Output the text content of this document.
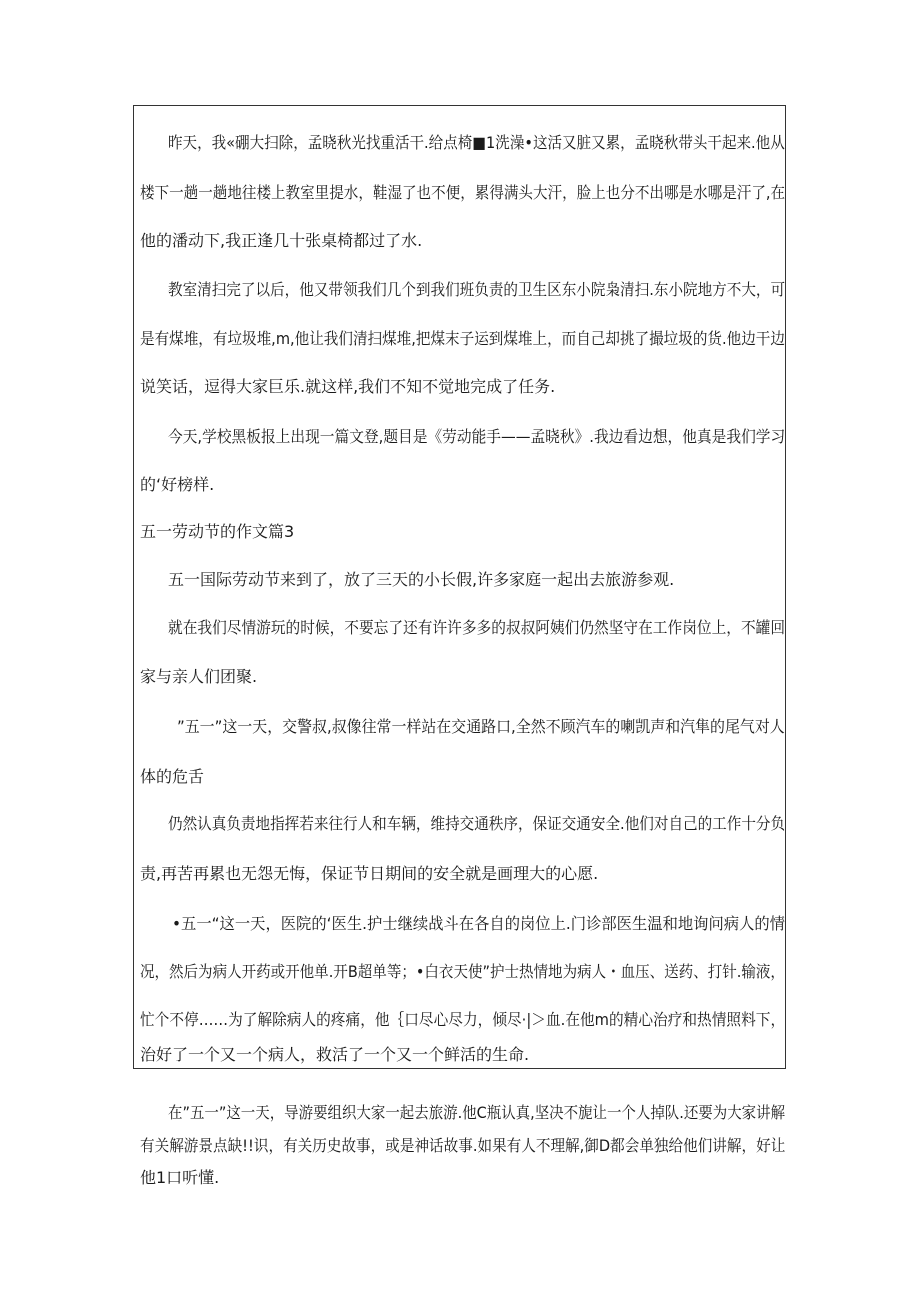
昨天，我«硼大扫除，孟晓秋光找重活干.给点椅■1洗澡•这活又脏又累，孟晓秋带头干起来.他从
楼下一趟一趟地往楼上教室里提水，鞋湿了也不便，累得满头大汗，脸上也分不出哪是水哪是汗了,在
他的潘动下,我正逢几十张桌椅都过了水.
教室清扫完了以后，他又带领我们几个到我们班负责的卫生区东小院枭清扫.东小院地方不大，可
是有煤堆，有垃圾堆,m,他让我们清扫煤堆,把煤末子运到煤堆上，而自己却挑了撮垃圾的货.他边干边
说笑话，逗得大家巨乐.就这样,我们不知不觉地完成了任务.
今天,学校黑板报上出现一篇文登,题目是《劳动能手——孟晓秋》.我边看边想，他真是我们学习
的‘好榜样.
五一劳动节的作文篇3
五一国际劳动节来到了，放了三天的小长假,许多家庭一起出去旅游参观.
就在我们尽情游玩的时候，不要忘了还有许许多多的叔叔阿姨们仍然坚守在工作岗位上，不罐回
家与亲人们团聚.
”五一”这一天，交警叔,叔像往常一样站在交通路口,全然不顾汽车的喇凯声和汽隼的尾气对人
体的危舌
仍然认真负责地指挥若来往行人和车辆，维持交通秩序，保证交通安全.他们对自己的工作十分负
责,再苦再累也无怨无悔，保证节日期间的安全就是画理大的心愿.
•五一“这一天，医院的‘医生.护士继续战斗在各自的岗位上.门诊部医生温和地询问病人的情
况，然后为病人开药或开他单.开B超单等；•白衣天使”护士热情地为病人・血压、送药、打针.输液，
忙个不停……为了解除病人的疼痛，他｛口尽心尽力，倾尽·|＞血.在他m的精心治疗和热情照料下，
治好了一个又一个病人，救活了一个又一个鲜活的生命.
在”五一”这一天，导游要组织大家一起去旅游.他C瓶认真,坚决不旎让一个人掉队.还要为大家讲解
有关解游景点缺!!识，有关历史故事，或是神话故事.如果有人不理解,御D都会单独给他们讲解，好让
他1口听懂.
